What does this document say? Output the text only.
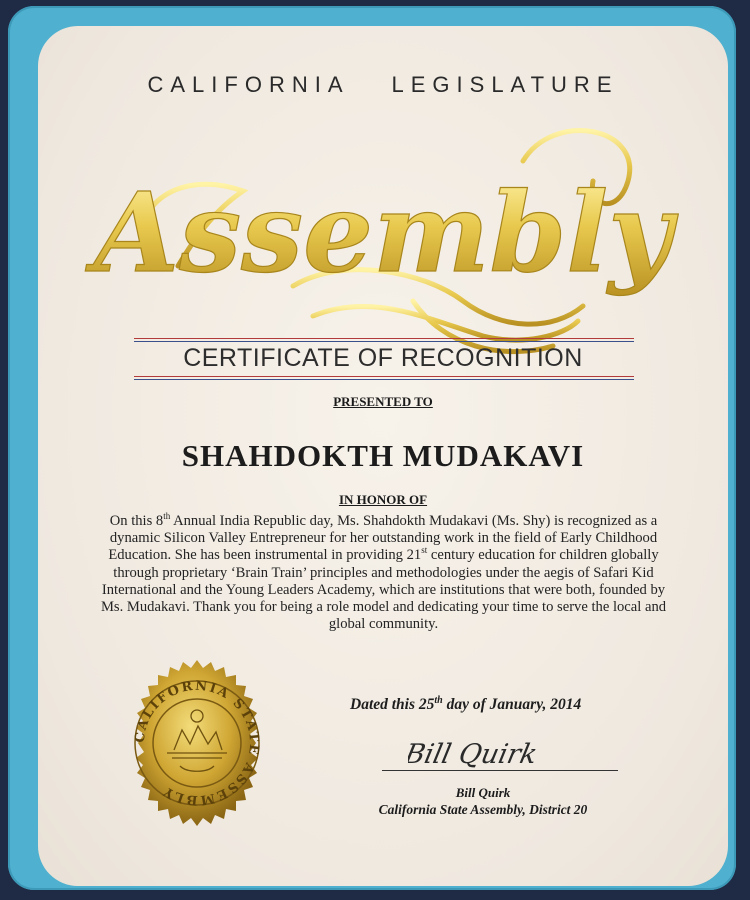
CALIFORNIA LEGISLATURE
Assembly
CERTIFICATE OF RECOGNITION
PRESENTED TO
SHAHDOKTH MUDAKAVI
IN HONOR OF
On this 8th Annual India Republic day, Ms. Shahdokth Mudakavi (Ms. Shy) is recognized as a dynamic Silicon Valley Entrepreneur for her outstanding work in the field of Early Childhood Education. She has been instrumental in providing 21st century education for children globally through proprietary ‘Brain Train’ principles and methodologies under the aegis of Safari Kid International and the Young Leaders Academy, which are institutions that were both, founded by Ms. Mudakavi. Thank you for being a role model and dedicating your time to serve the local and global community.
CALIFORNIA STATE ASSEMBLY
Dated this 25th day of January, 2014
Bill Quirk
Bill Quirk
California State Assembly, District 20
